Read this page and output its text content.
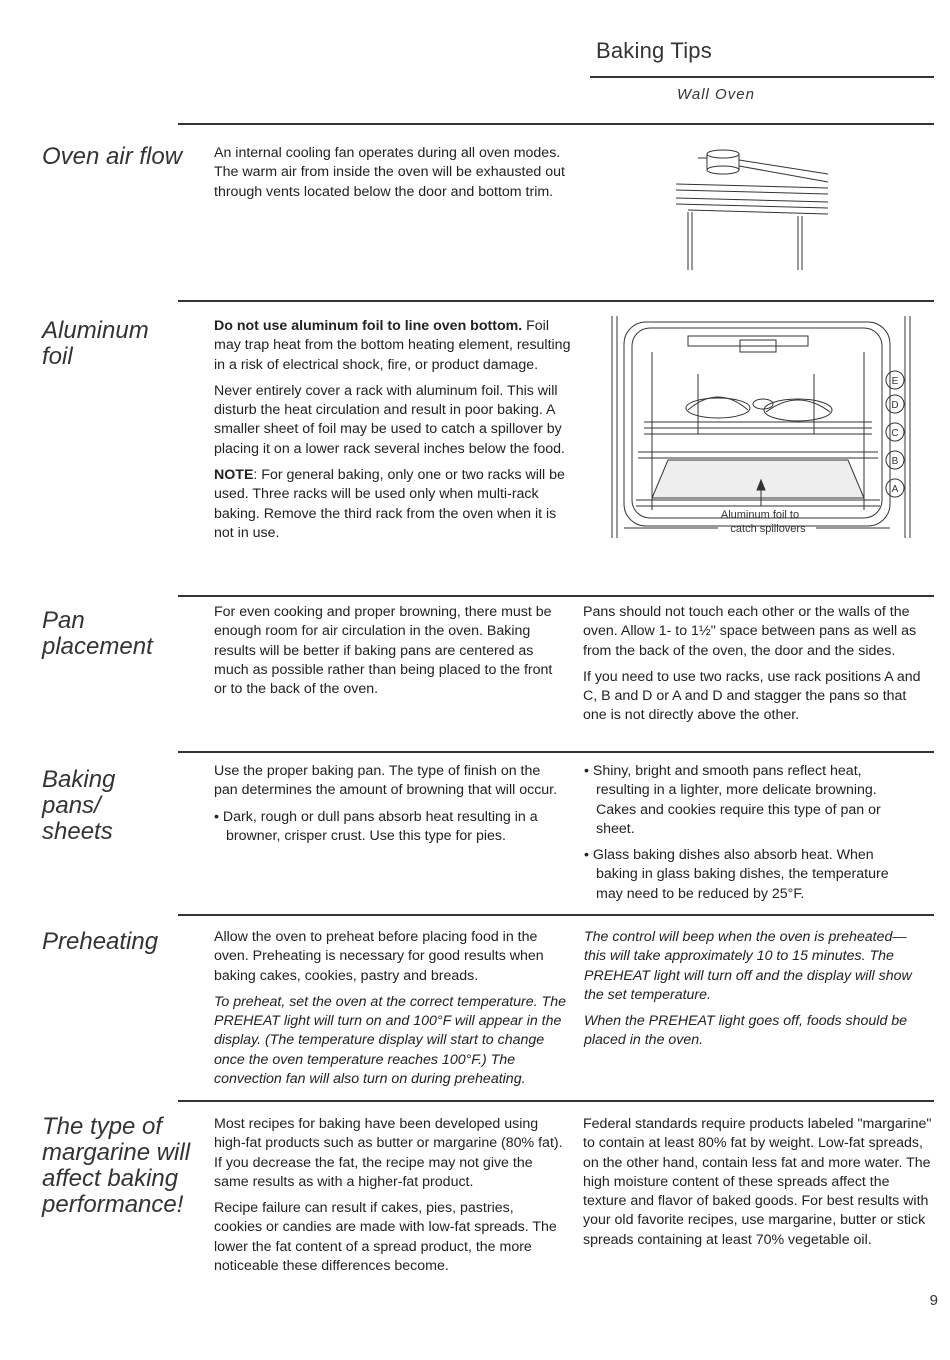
Baking Tips
Wall Oven
Oven air flow An internal cooling fan operates during all oven modes. The warm air from inside the oven will be exhausted out through vents located below the door and bottom trim.

Aluminum
foil

Do not use aluminum foil to line oven bottom. Foil may trap heat from the bottom heating element, resulting in a risk of electrical shock, fire, or product damage.

Never entirely cover a rack with aluminum foil. This will disturb the heat circulation and result in poor baking. A smaller sheet of foil may be used to catch a spillover by placing it on a lower rack several inches below the food.

NOTE: For general baking, only one or two racks will be used. Three racks will be used only when multi-rack baking. Remove the third rack from the oven when it is not in use.

E
D
C
B
A
Aluminum foil to
catch spillovers
Pan
placement

For even cooking and proper browning, there must be enough room for air circulation in the oven. Baking results will be better if baking pans are centered as much as possible rather than being placed to the front or to the back of the oven.

Pans should not touch each other or the walls of the oven. Allow 1- to 1½" space between pans as well as from the back of the oven, the door and the sides.

If you need to use two racks, use rack positions A and C, B and D or A and D and stagger the pans so that one is not directly above the other.

Baking
pans/
sheets

Use the proper baking pan. The type of finish on the pan determines the amount of browning that will occur.

• Dark, rough or dull pans absorb heat resulting in a browner, crisper crust. Use this type for pies.

• Shiny, bright and smooth pans reflect heat, resulting in a lighter, more delicate browning. Cakes and cookies require this type of pan or sheet.

• Glass baking dishes also absorb heat. When baking in glass baking dishes, the temperature may need to be reduced by 25°F.

Preheating	Allow the oven to preheat before placing food in the oven. Preheating is necessary for good results when baking cakes, cookies, pastry and breads.

To preheat, set the oven at the correct temperature. The PREHEAT light will turn on and 100°F will appear in the display. (The temperature display will start to change once the oven temperature reaches 100°F.) The convection fan will also turn on during preheating.

The control will beep when the oven is preheated—this will take approximately 10 to 15 minutes. The PREHEAT light will turn off and the display will show the set temperature.

When the PREHEAT light goes off, foods should be placed in the oven.

The type of
margarine will
affect baking
performance!

Most recipes for baking have been developed using high-fat products such as butter or margarine (80% fat). If you decrease the fat, the recipe may not give the same results as with a higher-fat product.

Recipe failure can result if cakes, pies, pastries, cookies or candies are made with low-fat spreads. The lower the fat content of a spread product, the more noticeable these differences become.

Federal standards require products labeled "margarine" to contain at least 80% fat by weight. Low-fat spreads, on the other hand, contain less fat and more water. The high moisture content of these spreads affect the texture and flavor of baked goods. For best results with your old favorite recipes, use margarine, butter or stick spreads containing at least 70% vegetable oil.

9
